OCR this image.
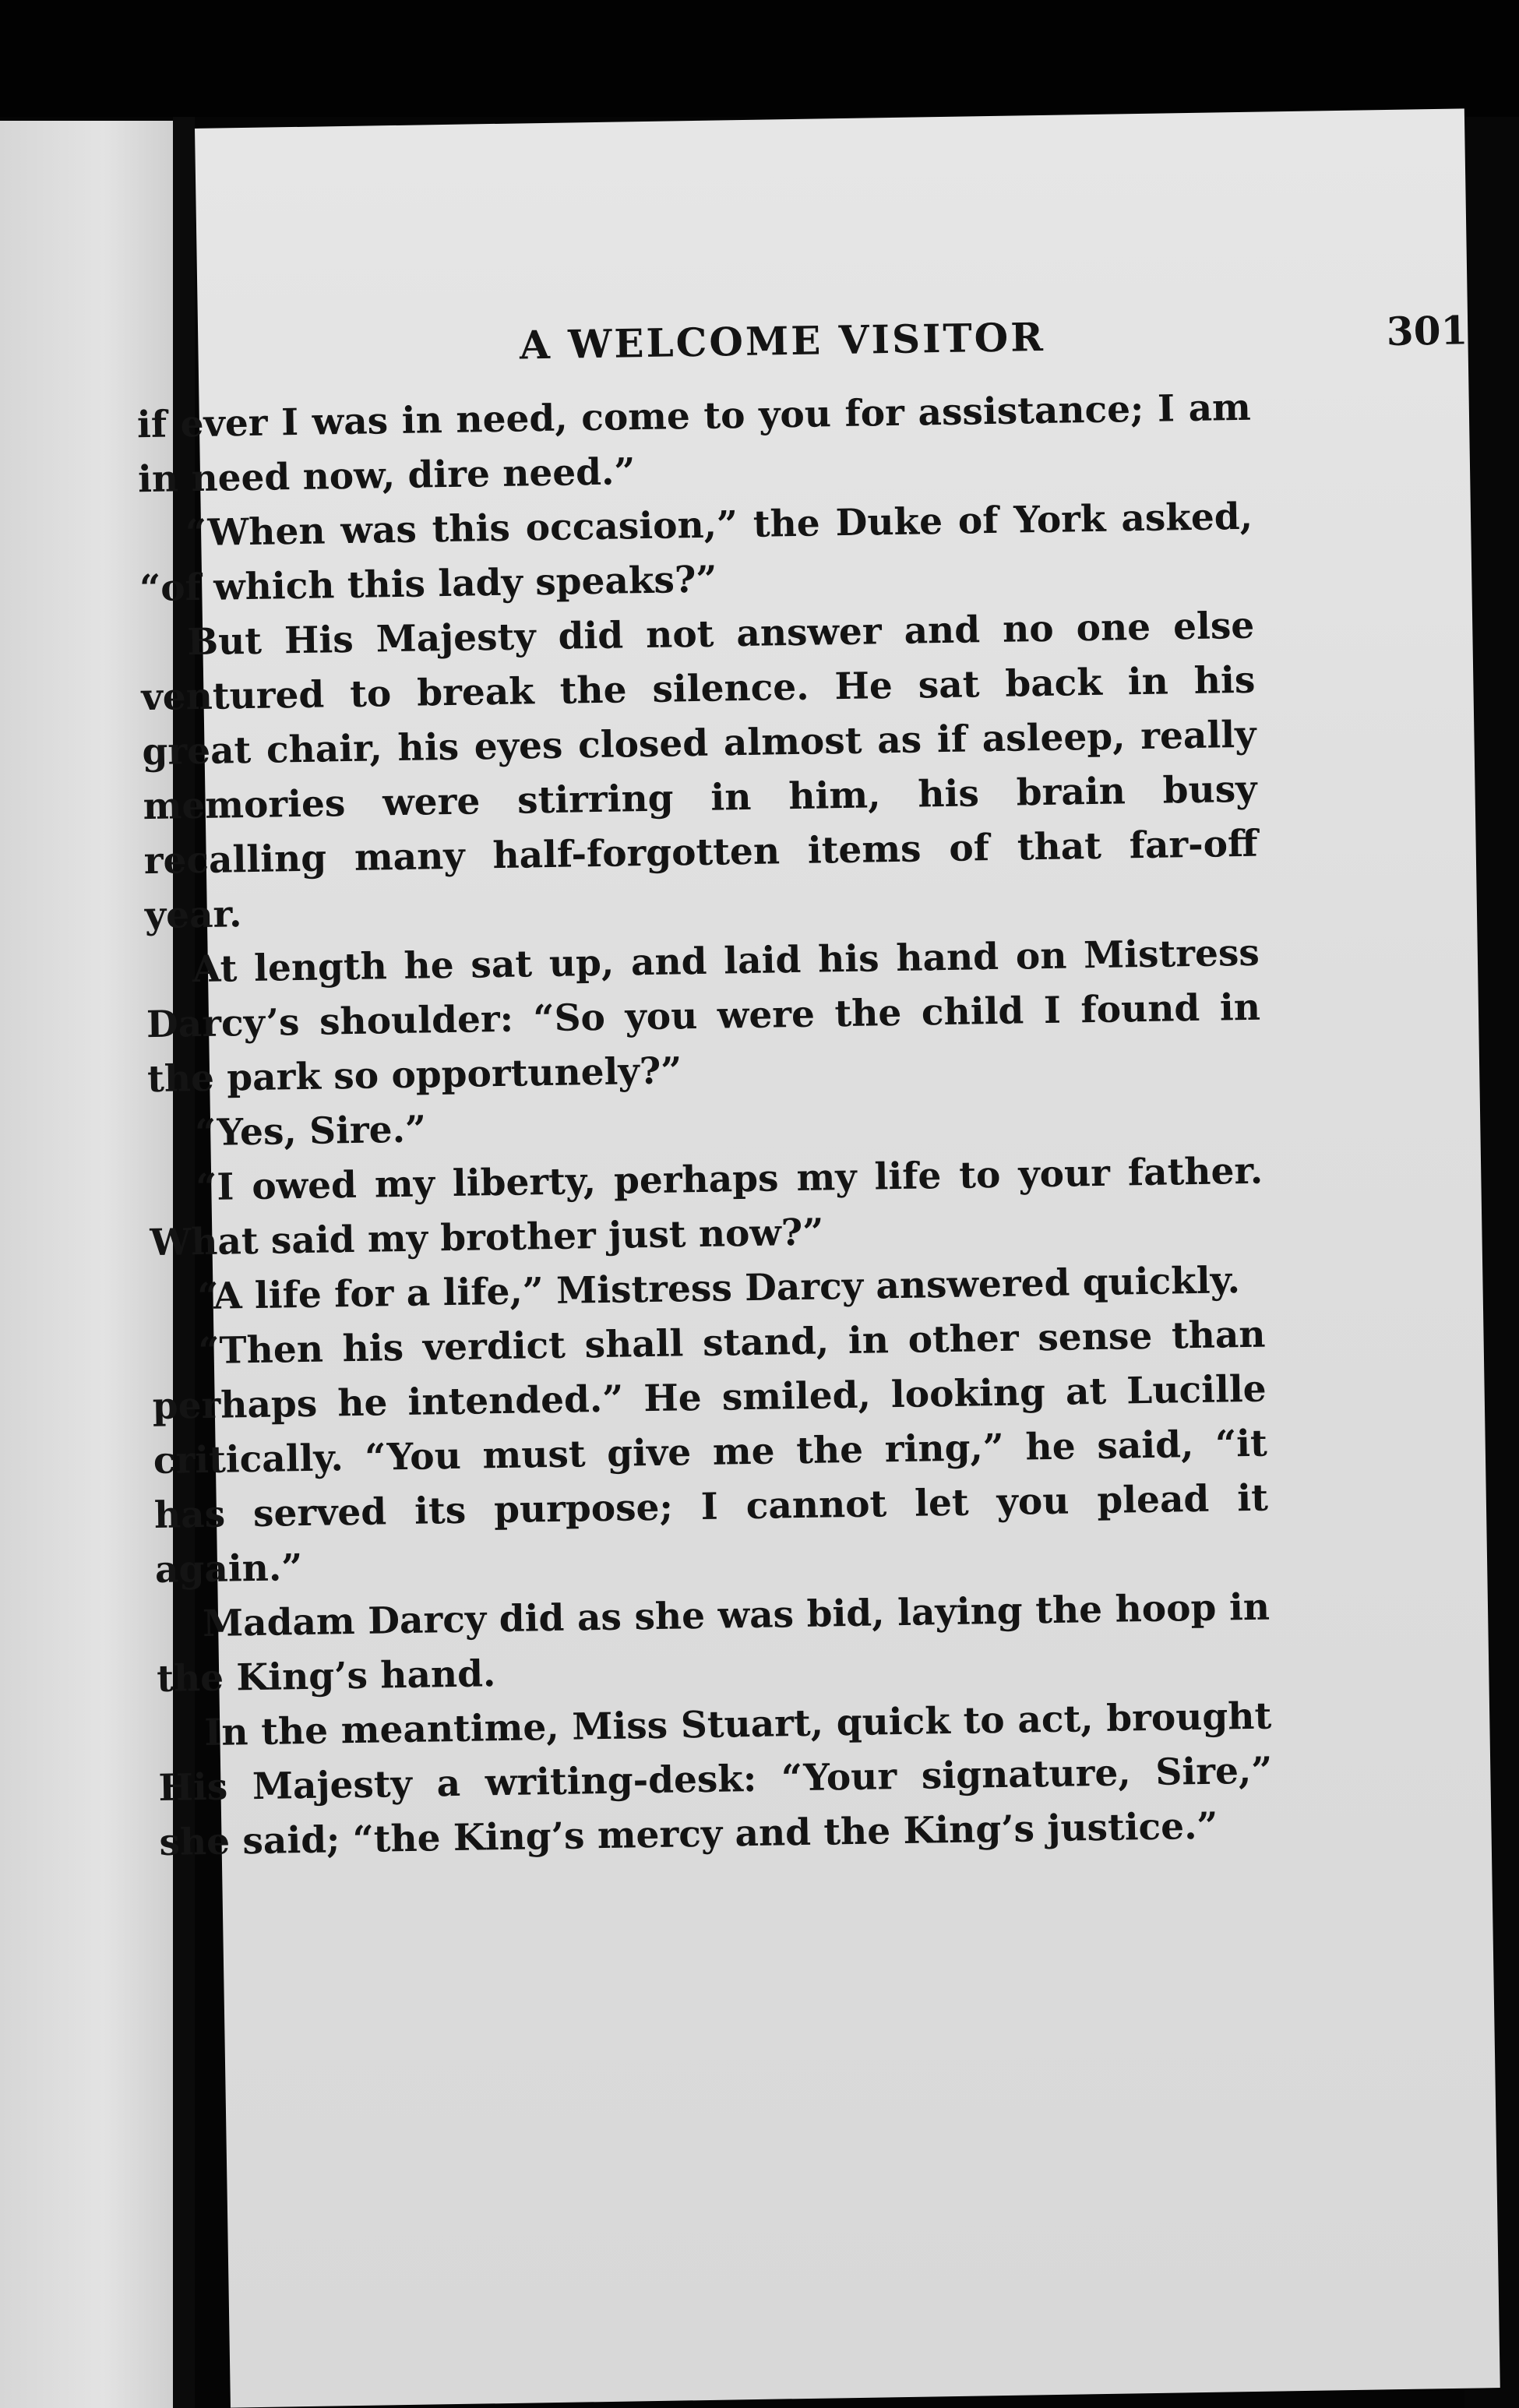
A WELCOME VISITOR	301

if ever I was in need, come to you for assistance; I am in need now, dire need.”

“When was this occasion,” the Duke of York asked, “of which this lady speaks?”

But His Majesty did not answer and no one else ventured to break the silence. He sat back in his great chair, his eyes closed almost as if asleep, really memories were stirring in him, his brain busy recalling many half-forgotten items of that far-off year.

At length he sat up, and laid his hand on Mistress Darcy’s shoulder: “So you were the child I found in the park so opportunely?”

“Yes, Sire.”

“I owed my liberty, perhaps my life to your father. What said my brother just now?”

“A life for a life,” Mistress Darcy answered quickly.

“Then his verdict shall stand, in other sense than perhaps he intended.” He smiled, looking at Lucille critically. “You must give me the ring,” he said, “it has served its purpose; I cannot let you plead it again.”

Madam Darcy did as she was bid, laying the hoop in the King’s hand.

In the meantime, Miss Stuart, quick to act, brought His Majesty a writing-desk: “Your signature, Sire,” she said; “the King’s mercy and the King’s justice.”
